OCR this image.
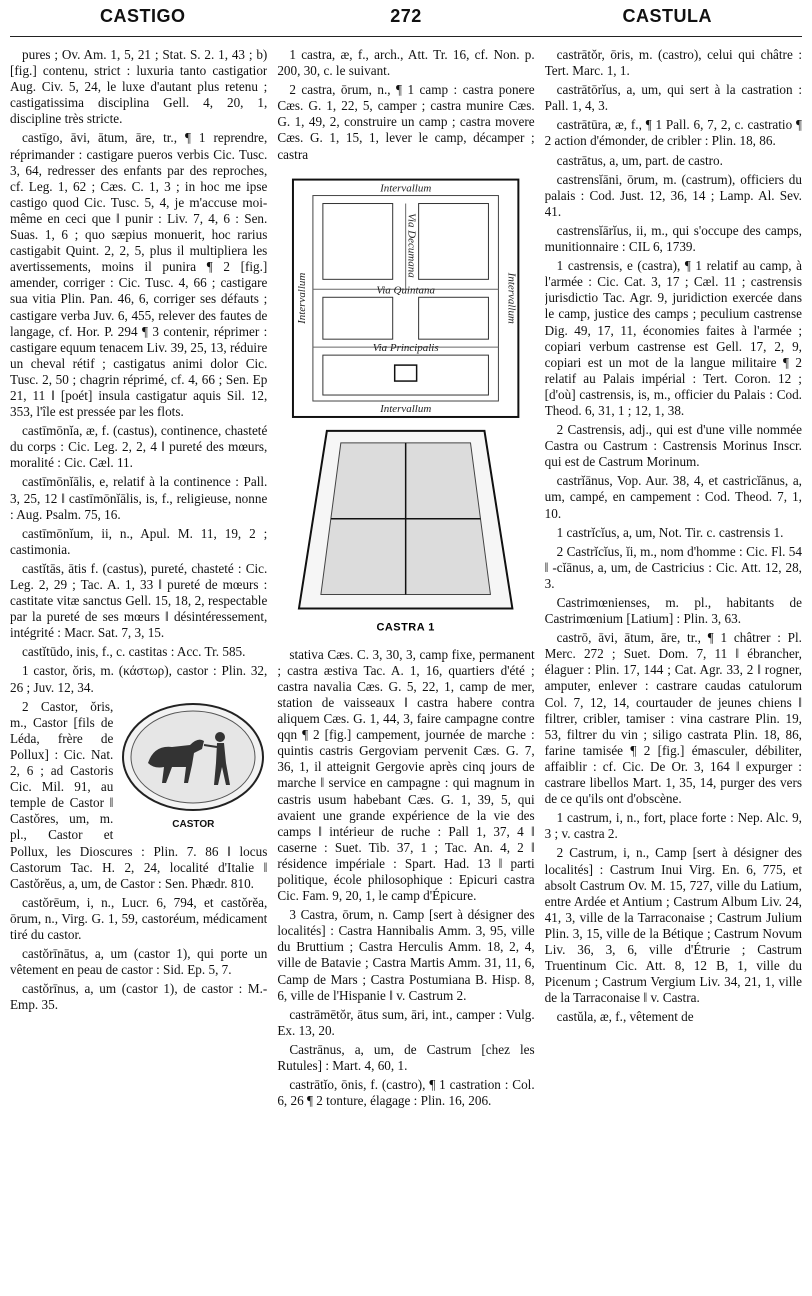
CASTIGO	272	CASTULA

pures ; Ov. Am. 1, 5, 21 ; Stat. S. 2. 1, 43 ; b) [fig.] contenu, strict : luxuria tanto castigatior Aug. Civ. 5, 24, le luxe d'autant plus retenu ; castigatissima disciplina Gell. 4, 20, 1, discipline très stricte.

castīgo, āvi, ātum, āre, tr., ¶ 1 reprendre, réprimander : castigare pueros verbis Cic. Tusc. 3, 64, redresser des enfants par des reproches, cf. Leg. 1, 62 ; Cæs. C. 1, 3 ; in hoc me ipse castigo quod Cic. Tusc. 5, 4, je m'accuse moi-même en ceci que ‖ punir : Liv. 7, 4, 6 : Sen. Suas. 1, 6 ; quo sæpius monuerit, hoc rarius castigabit Quint. 2, 2, 5, plus il multipliera les avertissements, moins il punira ¶ 2 [fig.] amender, corriger : Cic. Tusc. 4, 66 ; castigare sua vitia Plin. Pan. 46, 6, corriger ses défauts ; castigare verba Juv. 6, 455, relever des fautes de langage, cf. Hor. P. 294 ¶ 3 contenir, réprimer : castigare equum tenacem Liv. 39, 25, 13, réduire un cheval rétif ; castigatus animi dolor Cic. Tusc. 2, 50 ; chagrin réprimé, cf. 4, 66 ; Sen. Ep 21, 11 ‖ [poét] insula castigatur aquis Sil. 12, 353, l'île est pressée par les flots.

castīmōnĭa, æ, f. (castus), continence, chasteté du corps : Cic. Leg. 2, 2, 4 ‖ pureté des mœurs, moralité : Cic. Cæl. 11.

castīmōnĭālis, e, relatif à la continence : Pall. 3, 25, 12 ‖ castīmōnĭālis, is, f., religieuse, nonne : Aug. Psalm. 75, 16.

castīmōnĭum, ii, n., Apul. M. 11, 19, 2 ; castimonia.

castĭtās, ātis f. (castus), pureté, chasteté : Cic. Leg. 2, 29 ; Tac. A. 1, 33 ‖ pureté de mœurs : castitate vitæ sanctus Gell. 15, 18, 2, respectable par la pureté de ses mœurs ‖ désintéressement, intégrité : Macr. Sat. 7, 3, 15.

castĭtūdo, inis, f., c. castitas : Acc. Tr. 585.

1 castor, ŏris, m. (κάστωρ), castor : Plin. 32, 26 ; Juv. 12, 34.

CASTOR

2 Castor, ŏris, m., Castor [fils de Léda, frère de Pollux] : Cic. Nat. 2, 6 ; ad Castoris Cic. Mil. 91, au temple de Castor ‖ Castŏres, um, m. pl., Castor et Pollux, les Dioscures : Plin. 7. 86 ‖ locus Castorum Tac. H. 2, 24, localité d'Italie ‖ Castŏrĕus, a, um, de Castor : Sen. Phædr. 810.

castŏrēum, i, n., Lucr. 6, 794, et castŏrĕa, ōrum, n., Virg. G. 1, 59, castoréum, médicament tiré du castor.

castŏrīnātus, a, um (castor 1), qui porte un vêtement en peau de castor : Sid. Ep. 5, 7.

castŏrīnus, a, um (castor 1), de castor : M.-Emp. 35.

1 castra, æ, f., arch., Att. Tr. 16, cf. Non. p. 200, 30, c. le suivant.

2 castra, ōrum, n., ¶ 1 camp : castra ponere Cæs. G. 1, 22, 5, camper ; castra munire Cæs. G. 1, 49, 2, construire un camp ; castra movere Cæs. G. 1, 15, 1, lever le camp, décamper ; castra

Intervallum
Intervallum
Intervallum	Intervallum
Via Decumana
Via Quintana
Via Principalis
CASTRA 1

stativa Cæs. C. 3, 30, 3, camp fixe, permanent ; castra æstiva Tac. A. 1, 16, quartiers d'été ; castra navalia Cæs. G. 5, 22, 1, camp de mer, station de vaisseaux ‖ castra habere contra aliquem Cæs. G. 1, 44, 3, faire campagne contre qqn ¶ 2 [fig.] campement, journée de marche : quintis castris Gergoviam pervenit Cæs. G. 7, 36, 1, il atteignit Gergovie après cinq jours de marche ‖ service en campagne : qui magnum in castris usum habebant Cæs. G. 1, 39, 5, qui avaient une grande expérience de la vie des camps ‖ intérieur de ruche : Pall 1, 37, 4 ‖ caserne : Suet. Tib. 37, 1 ; Tac. An. 4, 2 ‖ résidence impériale : Spart. Had. 13 ‖ parti politique, école philosophique : Epicuri castra Cic. Fam. 9, 20, 1, le camp d'Épicure.

3 Castra, ōrum, n. Camp [sert à désigner des localités] : Castra Hannibalis Amm. 3, 95, ville du Bruttium ; Castra Herculis Amm. 18, 2, 4, ville de Batavie ; Castra Martis Amm. 31, 11, 6, Camp de Mars ; Castra Postumiana B. Hisp. 8, 6, ville de l'Hispanie ‖ v. Castrum 2.

castrāmētŏr, ātus sum, āri, int., camper : Vulg. Ex. 13, 20.

Castrānus, a, um, de Castrum [chez les Rutules] : Mart. 4, 60, 1.

castrātĭo, ōnis, f. (castro), ¶ 1 castration : Col. 6, 26 ¶ 2 tonture, élagage : Plin. 16, 206.

castrātŏr, ōris, m. (castro), celui qui châtre : Tert. Marc. 1, 1.

castrātōrĭus, a, um, qui sert à la castration : Pall. 1, 4, 3.

castrātūra, æ, f., ¶ 1 Pall. 6, 7, 2, c. castratio ¶ 2 action d'émonder, de cribler : Plin. 18, 86.

castrātus, a, um, part. de castro.

castrensĭāni, ōrum, m. (castrum), officiers du palais : Cod. Just. 12, 36, 14 ; Lamp. Al. Sev. 41.

castrensĭārĭus, ii, m., qui s'occupe des camps, munitionnaire : CIL 6, 1739.

1 castrensis, e (castra), ¶ 1 relatif au camp, à l'armée : Cic. Cat. 3, 17 ; Cæl. 11 ; castrensis jurisdictio Tac. Agr. 9, juridiction exercée dans le camp, justice des camps ; peculium castrense Dig. 49, 17, 11, économies faites à l'armée ; copiari verbum castrense est Gell. 17, 2, 9, copiari est un mot de la langue militaire ¶ 2 relatif au Palais impérial : Tert. Coron. 12 ; [d'où] castrensis, is, m., officier du Palais : Cod. Theod. 6, 31, 1 ; 12, 1, 38.

2 Castrensis, adj., qui est d'une ville nommée Castra ou Castrum : Castrensis Morinus Inscr. qui est de Castrum Morinum.

castrĭānus, Vop. Aur. 38, 4, et castricĭānus, a, um, campé, en campement : Cod. Theod. 7, 1, 10.

1 castrĭcĭus, a, um, Not. Tir. c. castrensis 1.

2 Castrĭcĭus, ĭi, m., nom d'homme : Cic. Fl. 54 ‖ -cĭānus, a, um, de Castricius : Cic. Att. 12, 28, 3.

Castrimœnienses, m. pl., habitants de Castrimœnium [Latium] : Plin. 3, 63.

castrō, āvi, ātum, āre, tr., ¶ 1 châtrer : Pl. Merc. 272 ; Suet. Dom. 7, 11 ‖ ébrancher, élaguer : Plin. 17, 144 ; Cat. Agr. 33, 2 ‖ rogner, amputer, enlever : castrare caudas catulorum Col. 7, 12, 14, courtauder de jeunes chiens ‖ filtrer, cribler, tamiser : vina castrare Plin. 19, 53, filtrer du vin ; siligo castrata Plin. 18, 86, farine tamisée ¶ 2 [fig.] émasculer, débiliter, affaiblir : cf. Cic. De Or. 3, 164 ‖ expurger : castrare libellos Mart. 1, 35, 14, purger des vers de ce qu'ils ont d'obscène.

1 castrum, i, n., fort, place forte : Nep. Alc. 9, 3 ; v. castra 2.

2 Castrum, i, n., Camp [sert à désigner des localités] : Castrum Inui Virg. En. 6, 775, et absolt Castrum Ov. M. 15, 727, ville du Latium, entre Ardée et Antium ; Castrum Album Liv. 24, 41, 3, ville de la Tarraconaise ; Castrum Julium Plin. 3, 15, ville de la Bétique ; Castrum Novum Liv. 36, 3, 6, ville d'Étrurie ; Castrum Truentinum Cic. Att. 8, 12 B, 1, ville du Picenum ; Castrum Vergium Liv. 34, 21, 1, ville de la Tarraconaise ‖ v. Castra.

castŭla, æ, f., vêtement de
